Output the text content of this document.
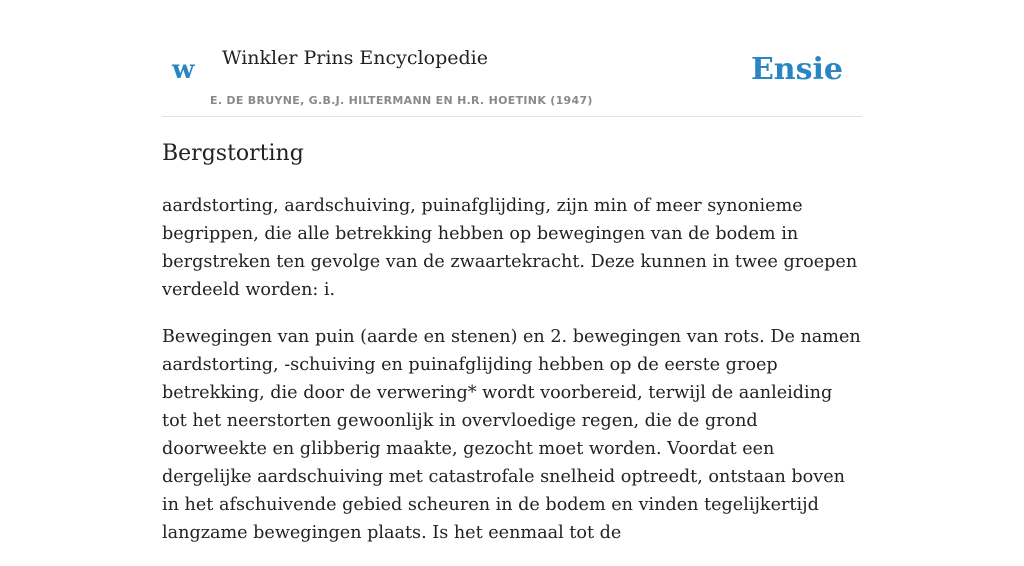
w Winkler Prins Encyclopedie
E. DE BRUYNE, G.B.J. HILTERMANN EN H.R. HOETINK (1947)
Ensie
Bergstorting

aardstorting, aardschuiving, puinafglijding, zijn min of meer synonieme begrippen, die alle betrekking hebben op bewegingen van de bodem in bergstreken ten gevolge van de zwaartekracht. Deze kunnen in twee groepen verdeeld worden: i.

Bewegingen van puin (aarde en stenen) en 2. bewegingen van rots. De namen aardstorting, -schuiving en puinafglijding hebben op de eerste groep betrekking, die door de verwering* wordt voorbereid, terwijl de aanleiding tot het neerstorten gewoonlijk in overvloedige regen, die de grond doorweekte en glibberig maakte, gezocht moet worden. Voordat een dergelijke aardschuiving met catastrofale snelheid optreedt, ontstaan boven in het afschuivende gebied scheuren in de bodem en vinden tegelijkertijd langzame bewegingen plaats. Is het eenmaal tot de
